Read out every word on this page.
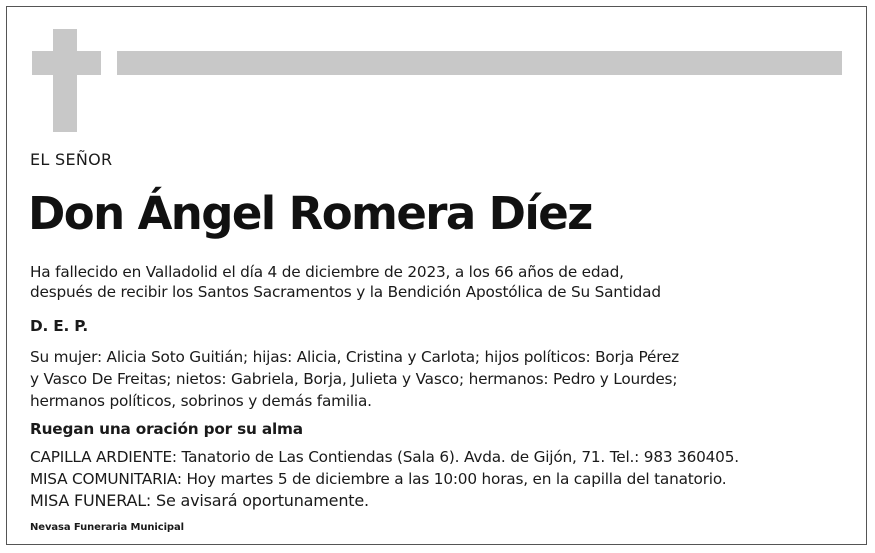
EL SEÑOR
Don Ángel Romera Díez
Ha fallecido en Valladolid el día 4 de diciembre de 2023, a los 66 años de edad,
después de recibir los Santos Sacramentos y la Bendición Apostólica de Su Santidad
D. E. P.
Su mujer: Alicia Soto Guitián; hijas: Alicia, Cristina y Carlota; hijos políticos: Borja Pérez
y Vasco De Freitas; nietos: Gabriela, Borja, Julieta y Vasco; hermanos: Pedro y Lourdes;
hermanos políticos, sobrinos y demás familia.
Ruegan una oración por su alma
CAPILLA ARDIENTE: Tanatorio de Las Contiendas (Sala 6). Avda. de Gijón, 71. Tel.: 983 360405.
MISA COMUNITARIA: Hoy martes 5 de diciembre a las 10:00 horas, en la capilla del tanatorio.
MISA FUNERAL: Se avisará oportunamente.
Nevasa Funeraria Municipal
